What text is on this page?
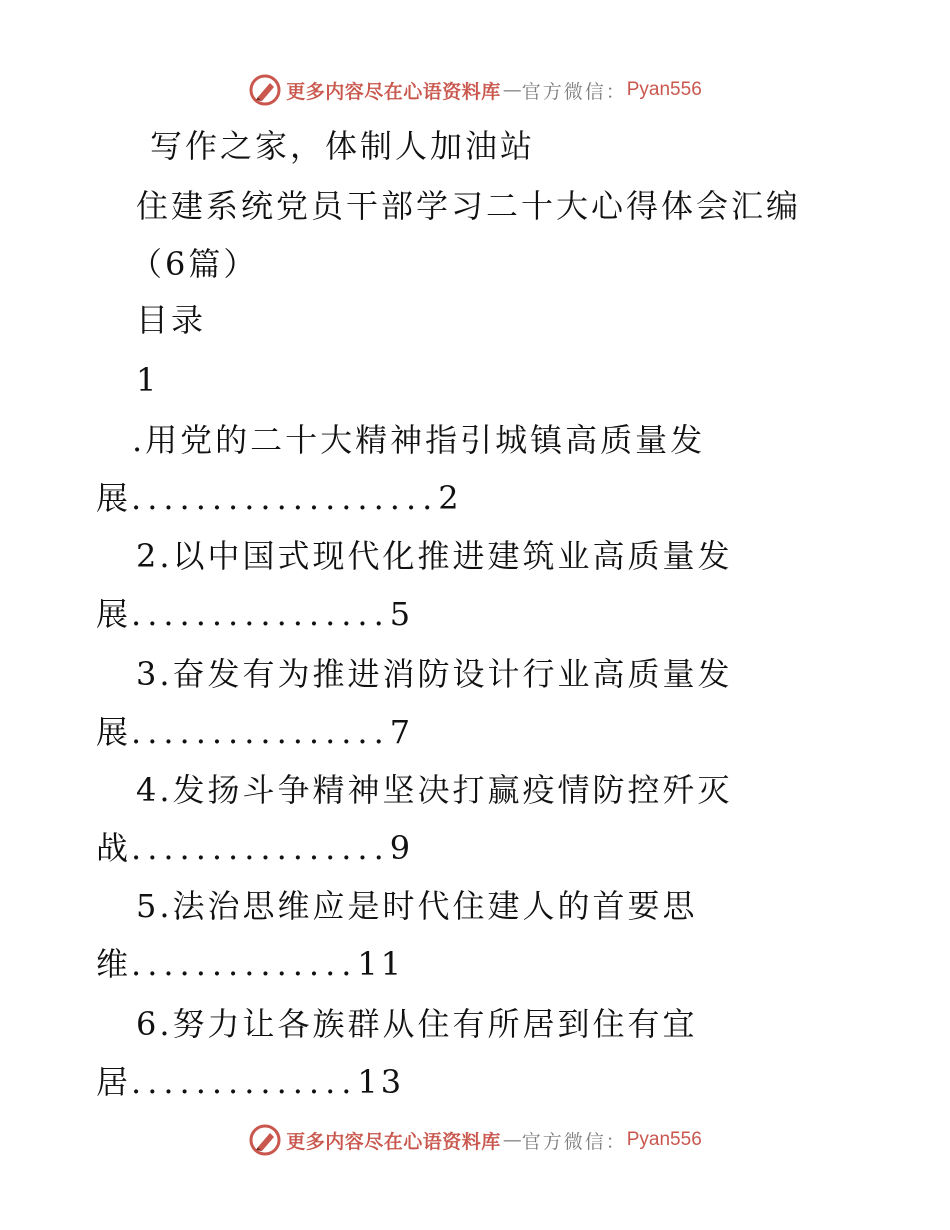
更多内容尽在心语资料库 — 官方微信： Pyan556
写作之家，体制人加油站
住建系统党员干部学习二十大心得体会汇编
（6篇）
目录
1
.用党的二十大精神指引城镇高质量发
展...................2
2.以中国式现代化推进建筑业高质量发
展................5
3.奋发有为推进消防设计行业高质量发
展................7
4.发扬斗争精神坚决打赢疫情防控歼灭
战................9
5.法治思维应是时代住建人的首要思
维..............11
6.努力让各族群从住有所居到住有宜
居..............13
更多内容尽在心语资料库 — 官方微信： Pyan556
